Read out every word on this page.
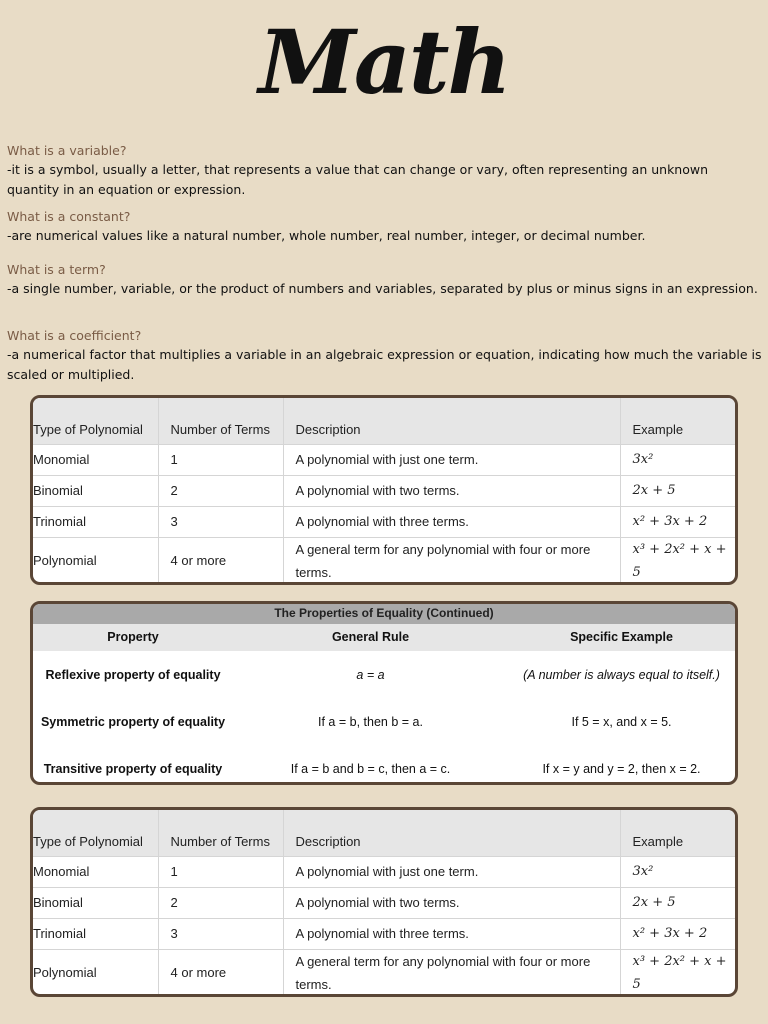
Math
What is a variable?
-it is a symbol, usually a letter, that represents a value that can change or vary, often representing an unknown quantity in an equation or expression.
What is a constant?
-are numerical values like a natural number, whole number, real number, integer, or decimal number.
What is a term?
-a single number, variable, or the product of numbers and variables, separated by plus or minus signs in an expression.
What is a coefficient?
-a numerical factor that multiplies a variable in an algebraic expression or equation, indicating how much the variable is scaled or multiplied.
Type of Polynomial	Number of Terms	Description	Example
Monomial	1	A polynomial with just one term.	3x²
Binomial	2	A polynomial with two terms.	2x + 5
Trinomial	3	A polynomial with three terms.	x² + 3x + 2
Polynomial	4 or more	A general term for any polynomial with four or more terms.	x³ + 2x² + x + 5
The Properties of Equality (Continued)
Property	General Rule	Specific Example
Reflexive property of equality	a = a	(A number is always equal to itself.)
Symmetric property of equality	If a = b, then b = a.	If 5 = x, and x = 5.
Transitive property of equality	If a = b and b = c, then a = c.	If x = y and y = 2, then x = 2.
Type of Polynomial	Number of Terms	Description	Example
Monomial	1	A polynomial with just one term.	3x²
Binomial	2	A polynomial with two terms.	2x + 5
Trinomial	3	A polynomial with three terms.	x² + 3x + 2
Polynomial	4 or more	A general term for any polynomial with four or more terms.	x³ + 2x² + x + 5
